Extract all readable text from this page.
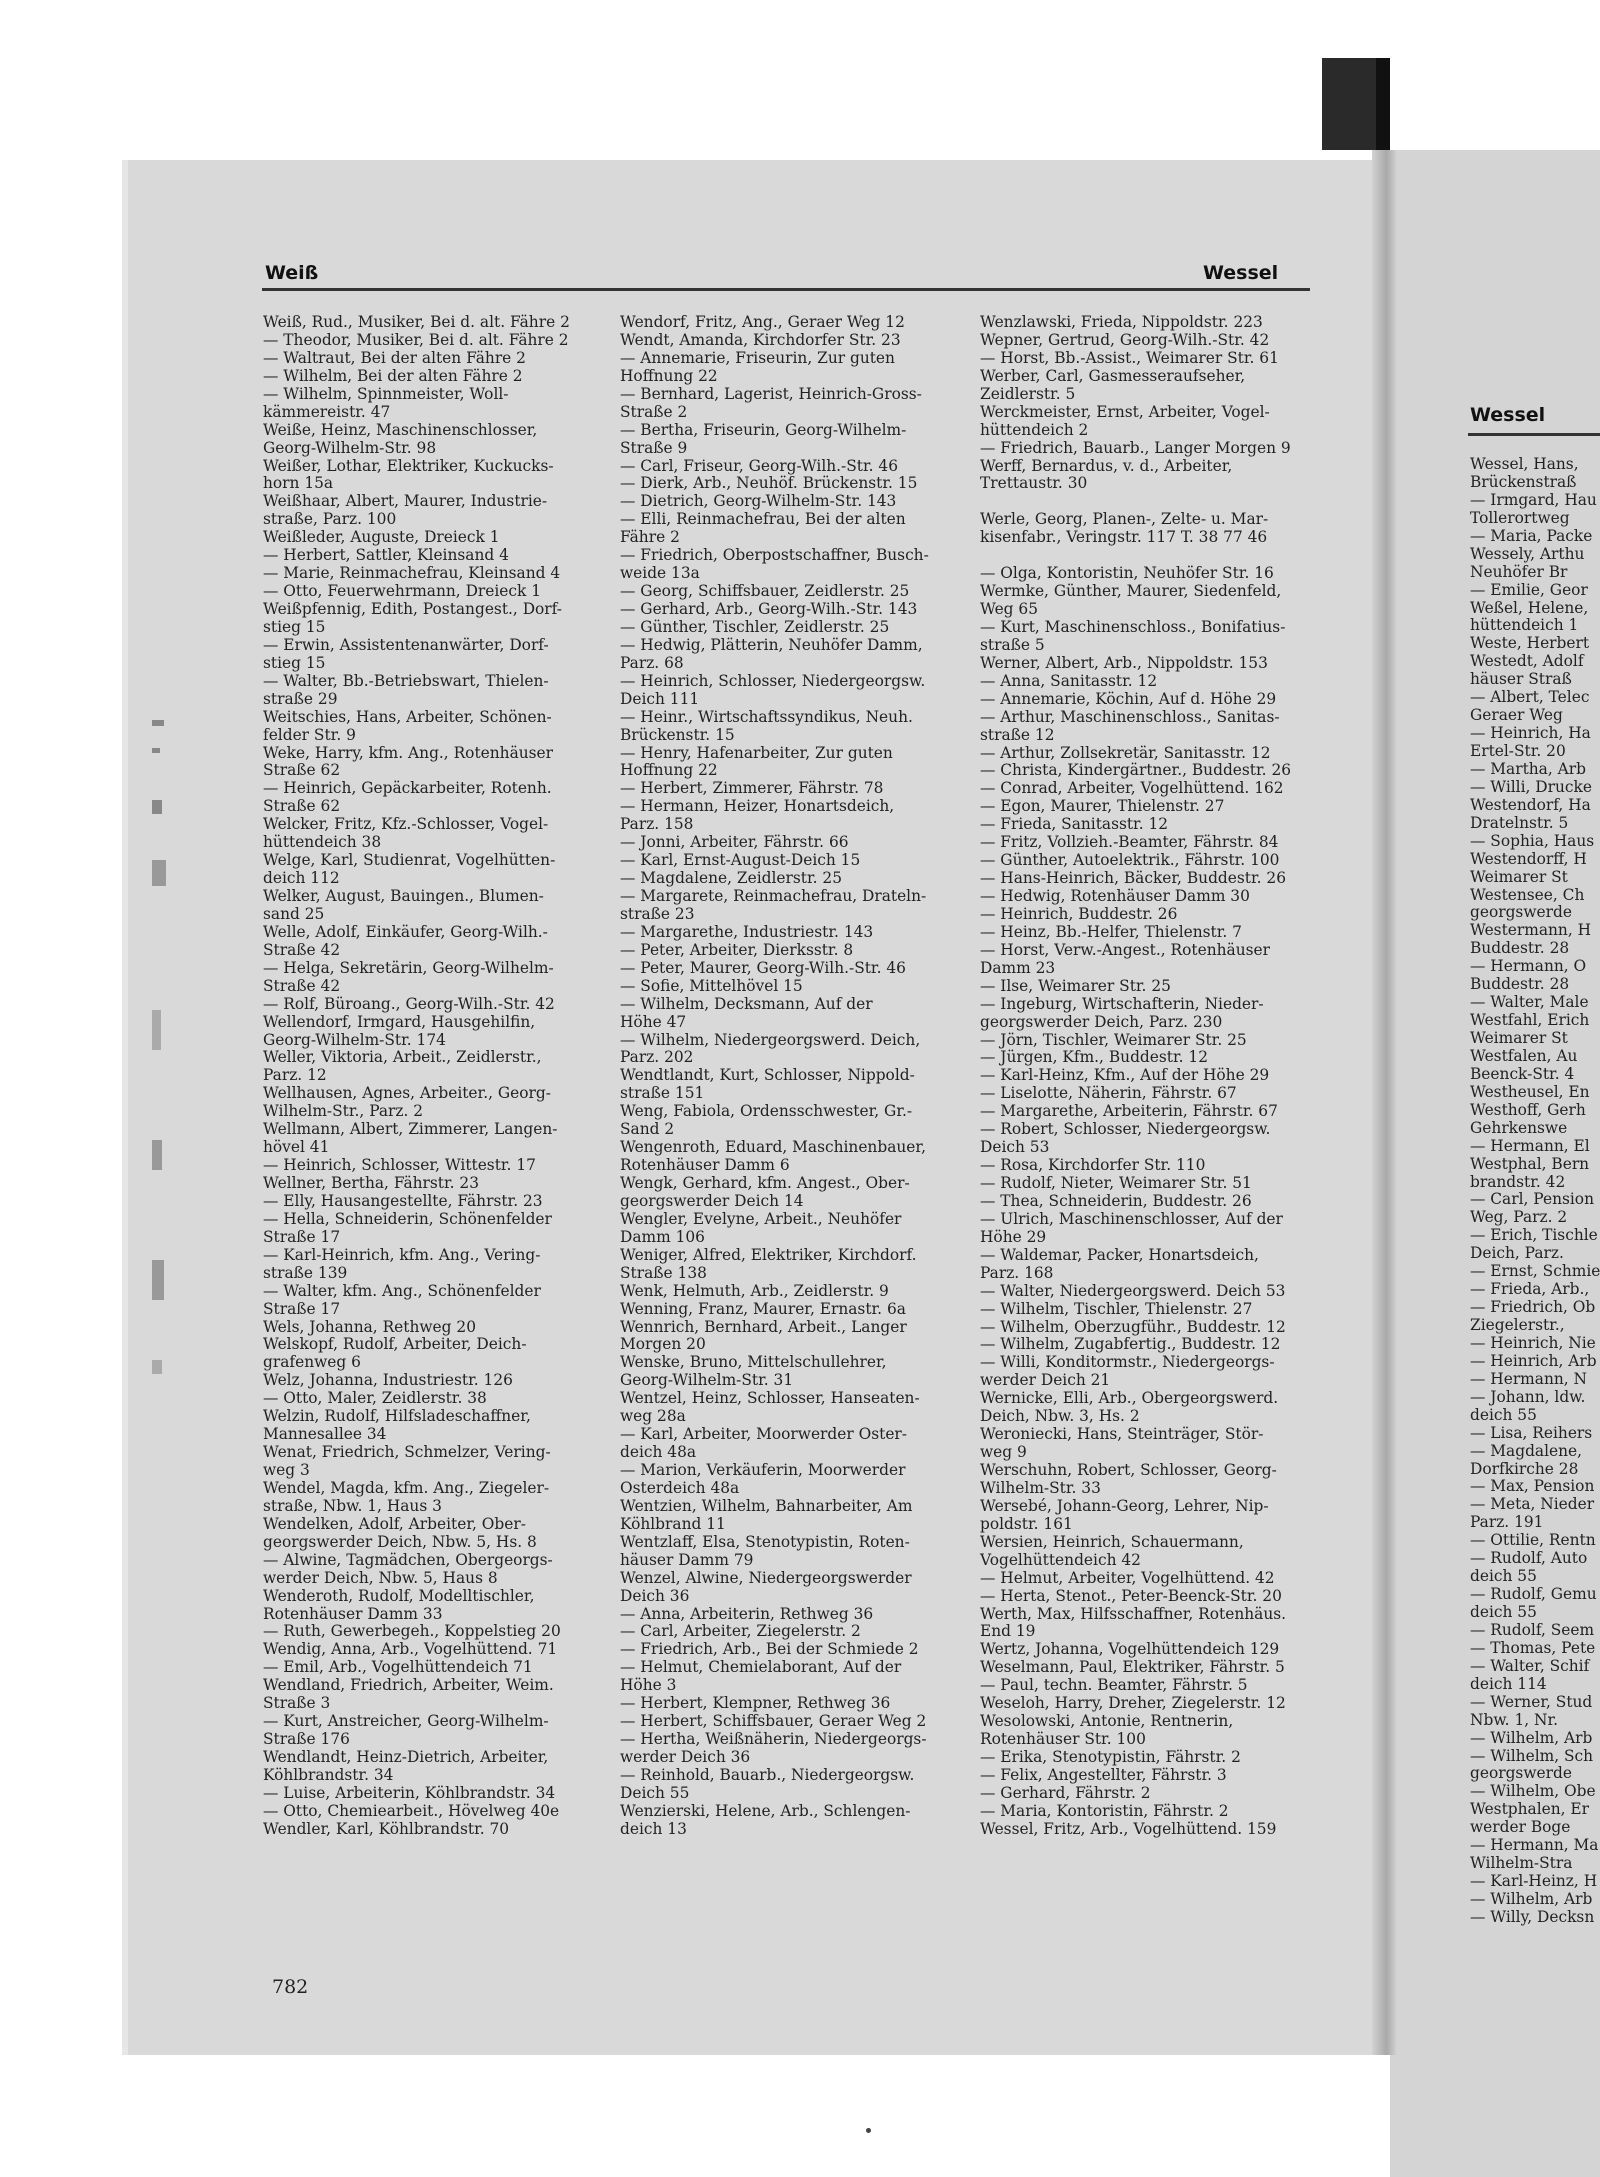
Wessel
Wessel, Hans,
Brückenstraß
— Irmgard, Hau
Tollerortweg
— Maria, Packe
Wessely, Arthu
Neuhöfer Br
— Emilie, Geor
Weßel, Helene,
hüttendeich 1
Weste, Herbert
Westedt, Adolf
häuser Straß
— Albert, Telec
Geraer Weg
— Heinrich, Ha
Ertel-Str. 20
— Martha, Arb
— Willi, Drucke
Westendorf, Ha
Dratelnstr. 5
— Sophia, Haus
Westendorff, H
Weimarer St
Westensee, Ch
georgswerde
Westermann, H
Buddestr. 28
— Hermann, O
Buddestr. 28
— Walter, Male
Westfahl, Erich
Weimarer St
Westfalen, Au
Beenck-Str. 4
Westheusel, En
Westhoff, Gerh
Gehrkenswe
— Hermann, El
Westphal, Bern
brandstr. 42
— Carl, Pension
Weg, Parz. 2
— Erich, Tischle
Deich, Parz.
— Ernst, Schmie
— Frieda, Arb.,
— Friedrich, Ob
Ziegelerstr.,
— Heinrich, Nie
— Heinrich, Arb
— Hermann, N
— Johann, ldw.
deich 55
— Lisa, Reihers
— Magdalene,
Dorfkirche 28
— Max, Pension
— Meta, Nieder
Parz. 191
— Ottilie, Rentn
— Rudolf, Auto
deich 55
— Rudolf, Gemu
deich 55
— Rudolf, Seem
— Thomas, Pete
— Walter, Schif
deich 114
— Werner, Stud
Nbw. 1, Nr.
— Wilhelm, Arb
— Wilhelm, Sch
georgswerde
— Wilhelm, Obe
Westphalen, Er
werder Boge
— Hermann, Ma
Wilhelm-Stra
— Karl-Heinz, H
— Wilhelm, Arb
— Willy, Decksn
Weiß	Wessel
Weiß, Rud., Musiker, Bei d. alt. Fähre 2
— Theodor, Musiker, Bei d. alt. Fähre 2
— Waltraut, Bei der alten Fähre 2
— Wilhelm, Bei der alten Fähre 2
— Wilhelm, Spinnmeister, Woll-
kämmereistr. 47
Weiße, Heinz, Maschinenschlosser,
Georg-Wilhelm-Str. 98
Weißer, Lothar, Elektriker, Kuckucks-
horn 15a
Weißhaar, Albert, Maurer, Industrie-
straße, Parz. 100
Weißleder, Auguste, Dreieck 1
— Herbert, Sattler, Kleinsand 4
— Marie, Reinmachefrau, Kleinsand 4
— Otto, Feuerwehrmann, Dreieck 1
Weißpfennig, Edith, Postangest., Dorf-
stieg 15
— Erwin, Assistentenanwärter, Dorf-
stieg 15
— Walter, Bb.-Betriebswart, Thielen-
straße 29
Weitschies, Hans, Arbeiter, Schönen-
felder Str. 9
Weke, Harry, kfm. Ang., Rotenhäuser
Straße 62
— Heinrich, Gepäckarbeiter, Rotenh.
Straße 62
Welcker, Fritz, Kfz.-Schlosser, Vogel-
hüttendeich 38
Welge, Karl, Studienrat, Vogelhütten-
deich 112
Welker, August, Bauingen., Blumen-
sand 25
Welle, Adolf, Einkäufer, Georg-Wilh.-
Straße 42
— Helga, Sekretärin, Georg-Wilhelm-
Straße 42
— Rolf, Büroang., Georg-Wilh.-Str. 42
Wellendorf, Irmgard, Hausgehilfin,
Georg-Wilhelm-Str. 174
Weller, Viktoria, Arbeit., Zeidlerstr.,
Parz. 12
Wellhausen, Agnes, Arbeiter., Georg-
Wilhelm-Str., Parz. 2
Wellmann, Albert, Zimmerer, Langen-
hövel 41
— Heinrich, Schlosser, Wittestr. 17
Wellner, Bertha, Fährstr. 23
— Elly, Hausangestellte, Fährstr. 23
— Hella, Schneiderin, Schönenfelder
Straße 17
— Karl-Heinrich, kfm. Ang., Vering-
straße 139
— Walter, kfm. Ang., Schönenfelder
Straße 17
Wels, Johanna, Rethweg 20
Welskopf, Rudolf, Arbeiter, Deich-
grafenweg 6
Welz, Johanna, Industriestr. 126
— Otto, Maler, Zeidlerstr. 38
Welzin, Rudolf, Hilfsladeschaffner,
Mannesallee 34
Wenat, Friedrich, Schmelzer, Vering-
weg 3
Wendel, Magda, kfm. Ang., Ziegeler-
straße, Nbw. 1, Haus 3
Wendelken, Adolf, Arbeiter, Ober-
georgswerder Deich, Nbw. 5, Hs. 8
— Alwine, Tagmädchen, Obergeorgs-
werder Deich, Nbw. 5, Haus 8
Wenderoth, Rudolf, Modelltischler,
Rotenhäuser Damm 33
— Ruth, Gewerbegeh., Koppelstieg 20
Wendig, Anna, Arb., Vogelhüttend. 71
— Emil, Arb., Vogelhüttendeich 71
Wendland, Friedrich, Arbeiter, Weim.
Straße 3
— Kurt, Anstreicher, Georg-Wilhelm-
Straße 176
Wendlandt, Heinz-Dietrich, Arbeiter,
Köhlbrandstr. 34
— Luise, Arbeiterin, Köhlbrandstr. 34
— Otto, Chemiearbeit., Hövelweg 40e
Wendler, Karl, Köhlbrandstr. 70
Wendorf, Fritz, Ang., Geraer Weg 12
Wendt, Amanda, Kirchdorfer Str. 23
— Annemarie, Friseurin, Zur guten
Hoffnung 22
— Bernhard, Lagerist, Heinrich-Gross-
Straße 2
— Bertha, Friseurin, Georg-Wilhelm-
Straße 9
— Carl, Friseur, Georg-Wilh.-Str. 46
— Dierk, Arb., Neuhöf. Brückenstr. 15
— Dietrich, Georg-Wilhelm-Str. 143
— Elli, Reinmachefrau, Bei der alten
Fähre 2
— Friedrich, Oberpostschaffner, Busch-
weide 13a
— Georg, Schiffsbauer, Zeidlerstr. 25
— Gerhard, Arb., Georg-Wilh.-Str. 143
— Günther, Tischler, Zeidlerstr. 25
— Hedwig, Plätterin, Neuhöfer Damm,
Parz. 68
— Heinrich, Schlosser, Niedergeorgsw.
Deich 111
— Heinr., Wirtschaftssyndikus, Neuh.
Brückenstr. 15
— Henry, Hafenarbeiter, Zur guten
Hoffnung 22
— Herbert, Zimmerer, Fährstr. 78
— Hermann, Heizer, Honartsdeich,
Parz. 158
— Jonni, Arbeiter, Fährstr. 66
— Karl, Ernst-August-Deich 15
— Magdalene, Zeidlerstr. 25
— Margarete, Reinmachefrau, Drateln-
straße 23
— Margarethe, Industriestr. 143
— Peter, Arbeiter, Dierksstr. 8
— Peter, Maurer, Georg-Wilh.-Str. 46
— Sofie, Mittelhövel 15
— Wilhelm, Decksmann, Auf der
Höhe 47
— Wilhelm, Niedergeorgswerd. Deich,
Parz. 202
Wendtlandt, Kurt, Schlosser, Nippold-
straße 151
Weng, Fabiola, Ordensschwester, Gr.-
Sand 2
Wengenroth, Eduard, Maschinenbauer,
Rotenhäuser Damm 6
Wengk, Gerhard, kfm. Angest., Ober-
georgswerder Deich 14
Wengler, Evelyne, Arbeit., Neuhöfer
Damm 106
Weniger, Alfred, Elektriker, Kirchdorf.
Straße 138
Wenk, Helmuth, Arb., Zeidlerstr. 9
Wenning, Franz, Maurer, Ernastr. 6a
Wennrich, Bernhard, Arbeit., Langer
Morgen 20
Wenske, Bruno, Mittelschullehrer,
Georg-Wilhelm-Str. 31
Wentzel, Heinz, Schlosser, Hanseaten-
weg 28a
— Karl, Arbeiter, Moorwerder Oster-
deich 48a
— Marion, Verkäuferin, Moorwerder
Osterdeich 48a
Wentzien, Wilhelm, Bahnarbeiter, Am
Köhlbrand 11
Wentzlaff, Elsa, Stenotypistin, Roten-
häuser Damm 79
Wenzel, Alwine, Niedergeorgswerder
Deich 36
— Anna, Arbeiterin, Rethweg 36
— Carl, Arbeiter, Ziegelerstr. 2
— Friedrich, Arb., Bei der Schmiede 2
— Helmut, Chemielaborant, Auf der
Höhe 3
— Herbert, Klempner, Rethweg 36
— Herbert, Schiffsbauer, Geraer Weg 2
— Hertha, Weißnäherin, Niedergeorgs-
werder Deich 36
— Reinhold, Bauarb., Niedergeorgsw.
Deich 55
Wenzierski, Helene, Arb., Schlengen-
deich 13
Wenzlawski, Frieda, Nippoldstr. 223
Wepner, Gertrud, Georg-Wilh.-Str. 42
— Horst, Bb.-Assist., Weimarer Str. 61
Werber, Carl, Gasmesseraufseher,
Zeidlerstr. 5
Werckmeister, Ernst, Arbeiter, Vogel-
hüttendeich 2
— Friedrich, Bauarb., Langer Morgen 9
Werff, Bernardus, v. d., Arbeiter,
Trettaustr. 30

Werle, Georg, Planen-, Zelte- u. Mar-
kisenfabr., Veringstr. 117 T. 38 77 46

— Olga, Kontoristin, Neuhöfer Str. 16
Wermke, Günther, Maurer, Siedenfeld,
Weg 65
— Kurt, Maschinenschloss., Bonifatius-
straße 5
Werner, Albert, Arb., Nippoldstr. 153
— Anna, Sanitasstr. 12
— Annemarie, Köchin, Auf d. Höhe 29
— Arthur, Maschinenschloss., Sanitas-
straße 12
— Arthur, Zollsekretär, Sanitasstr. 12
— Christa, Kindergärtner., Buddestr. 26
— Conrad, Arbeiter, Vogelhüttend. 162
— Egon, Maurer, Thielenstr. 27
— Frieda, Sanitasstr. 12
— Fritz, Vollzieh.-Beamter, Fährstr. 84
— Günther, Autoelektrik., Fährstr. 100
— Hans-Heinrich, Bäcker, Buddestr. 26
— Hedwig, Rotenhäuser Damm 30
— Heinrich, Buddestr. 26
— Heinz, Bb.-Helfer, Thielenstr. 7
— Horst, Verw.-Angest., Rotenhäuser
Damm 23
— Ilse, Weimarer Str. 25
— Ingeburg, Wirtschafterin, Nieder-
georgswerder Deich, Parz. 230
— Jörn, Tischler, Weimarer Str. 25
— Jürgen, Kfm., Buddestr. 12
— Karl-Heinz, Kfm., Auf der Höhe 29
— Liselotte, Näherin, Fährstr. 67
— Margarethe, Arbeiterin, Fährstr. 67
— Robert, Schlosser, Niedergeorgsw.
Deich 53
— Rosa, Kirchdorfer Str. 110
— Rudolf, Nieter, Weimarer Str. 51
— Thea, Schneiderin, Buddestr. 26
— Ulrich, Maschinenschlosser, Auf der
Höhe 29
— Waldemar, Packer, Honartsdeich,
Parz. 168
— Walter, Niedergeorgswerd. Deich 53
— Wilhelm, Tischler, Thielenstr. 27
— Wilhelm, Oberzugführ., Buddestr. 12
— Wilhelm, Zugabfertig., Buddestr. 12
— Willi, Konditormstr., Niedergeorgs-
werder Deich 21
Wernicke, Elli, Arb., Obergeorgswerd.
Deich, Nbw. 3, Hs. 2
Weroniecki, Hans, Steinträger, Stör-
weg 9
Werschuhn, Robert, Schlosser, Georg-
Wilhelm-Str. 33
Wersebé, Johann-Georg, Lehrer, Nip-
poldstr. 161
Wersien, Heinrich, Schauermann,
Vogelhüttendeich 42
— Helmut, Arbeiter, Vogelhüttend. 42
— Herta, Stenot., Peter-Beenck-Str. 20
Werth, Max, Hilfsschaffner, Rotenhäus.
End 19
Wertz, Johanna, Vogelhüttendeich 129
Weselmann, Paul, Elektriker, Fährstr. 5
— Paul, techn. Beamter, Fährstr. 5
Weseloh, Harry, Dreher, Ziegelerstr. 12
Wesolowski, Antonie, Rentnerin,
Rotenhäuser Str. 100
— Erika, Stenotypistin, Fährstr. 2
— Felix, Angestellter, Fährstr. 3
— Gerhard, Fährstr. 2
— Maria, Kontoristin, Fährstr. 2
Wessel, Fritz, Arb., Vogelhüttend. 159
782
